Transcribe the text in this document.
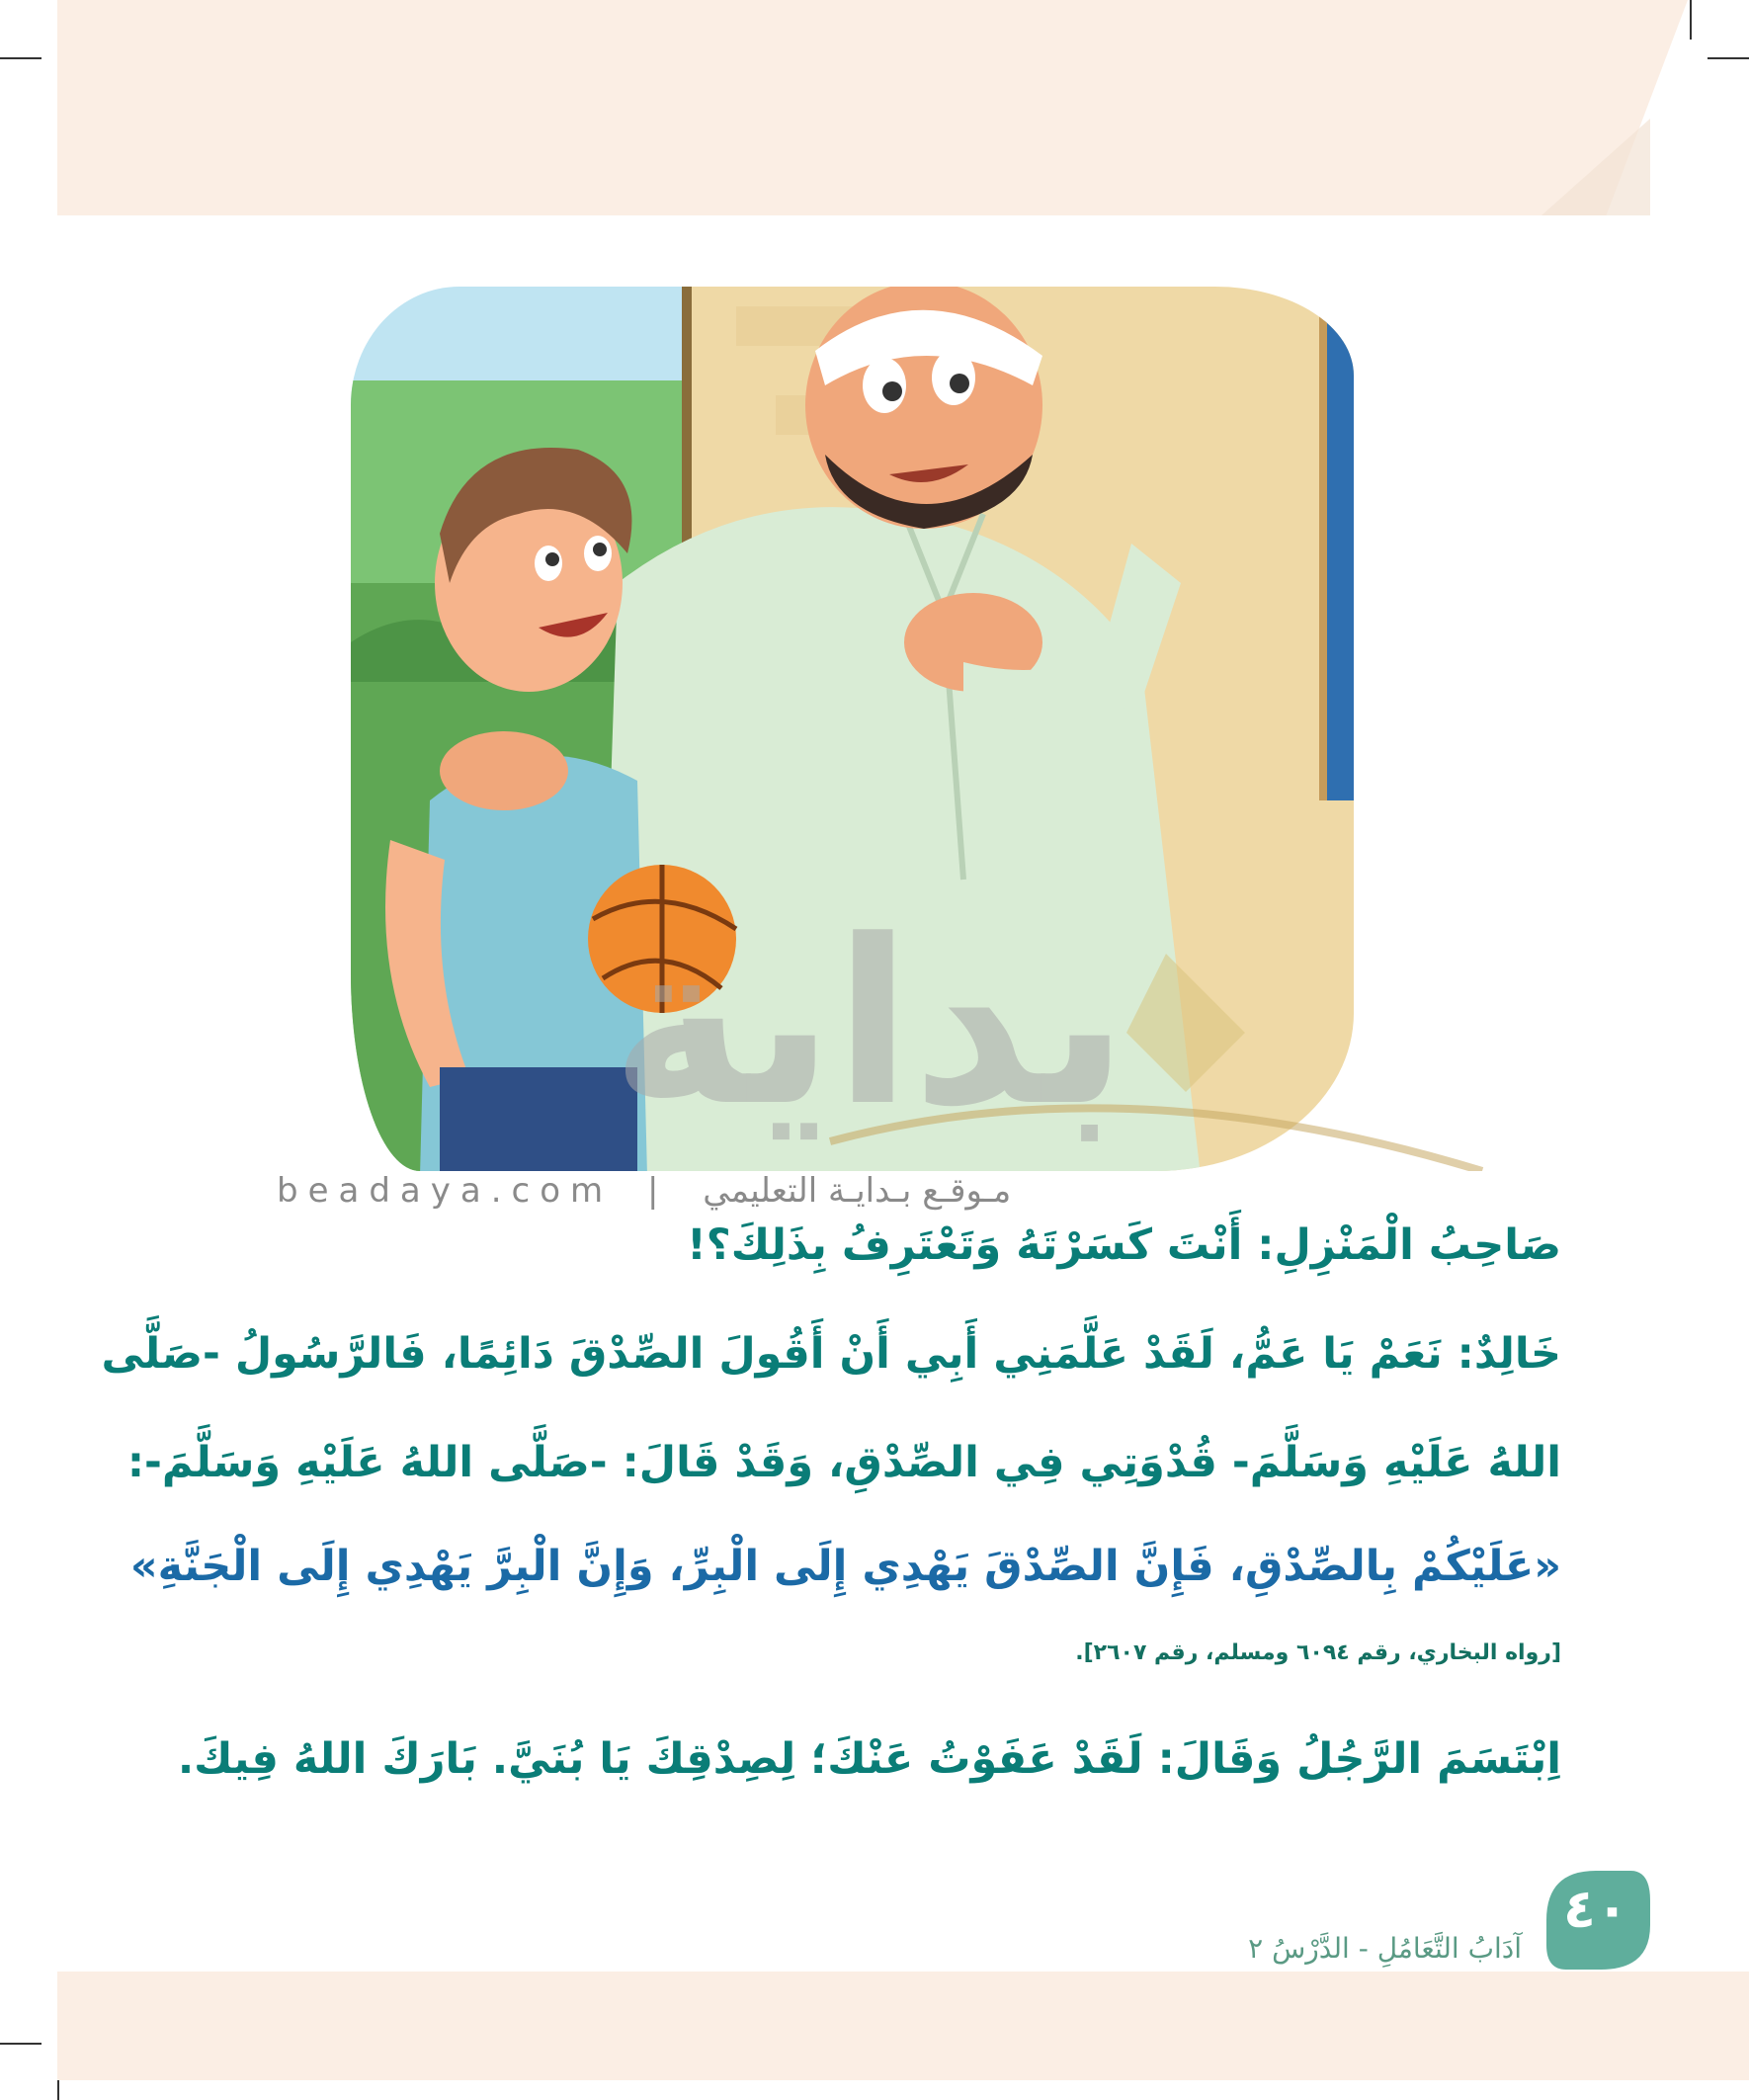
بداية
beadaya.com | مـوقـع بـدايـة التعليمي
صَاحِبُ الْمَنْزِلِ: أَنْتَ كَسَرْتَهُ وَتَعْتَرِفُ بِذَلِكَ؟!
خَالِدٌ: نَعَمْ يَا عَمُّ، لَقَدْ عَلَّمَنِي أَبِي أَنْ أَقُولَ الصِّدْقَ دَائِمًا، فَالرَّسُولُ -صَلَّى
اللهُ عَلَيْهِ وَسَلَّمَ- قُدْوَتِي فِي الصِّدْقِ، وَقَدْ قَالَ: -صَلَّى اللهُ عَلَيْهِ وَسَلَّمَ-:
«عَلَيْكُمْ بِالصِّدْقِ، فَإِنَّ الصِّدْقَ يَهْدِي إِلَى الْبِرِّ، وَإِنَّ الْبِرَّ يَهْدِي إِلَى الْجَنَّةِ»
[رواه البخاري، رقم ٦٠٩٤ ومسلم، رقم ٢٦٠٧].
اِبْتَسَمَ الرَّجُلُ وَقَالَ: لَقَدْ عَفَوْتُ عَنْكَ؛ لِصِدْقِكَ يَا بُنَيَّ. بَارَكَ اللهُ فِيكَ.
٤٠
آدَابُ التَّعَامُلِ - الدَّرْسُ ٢
